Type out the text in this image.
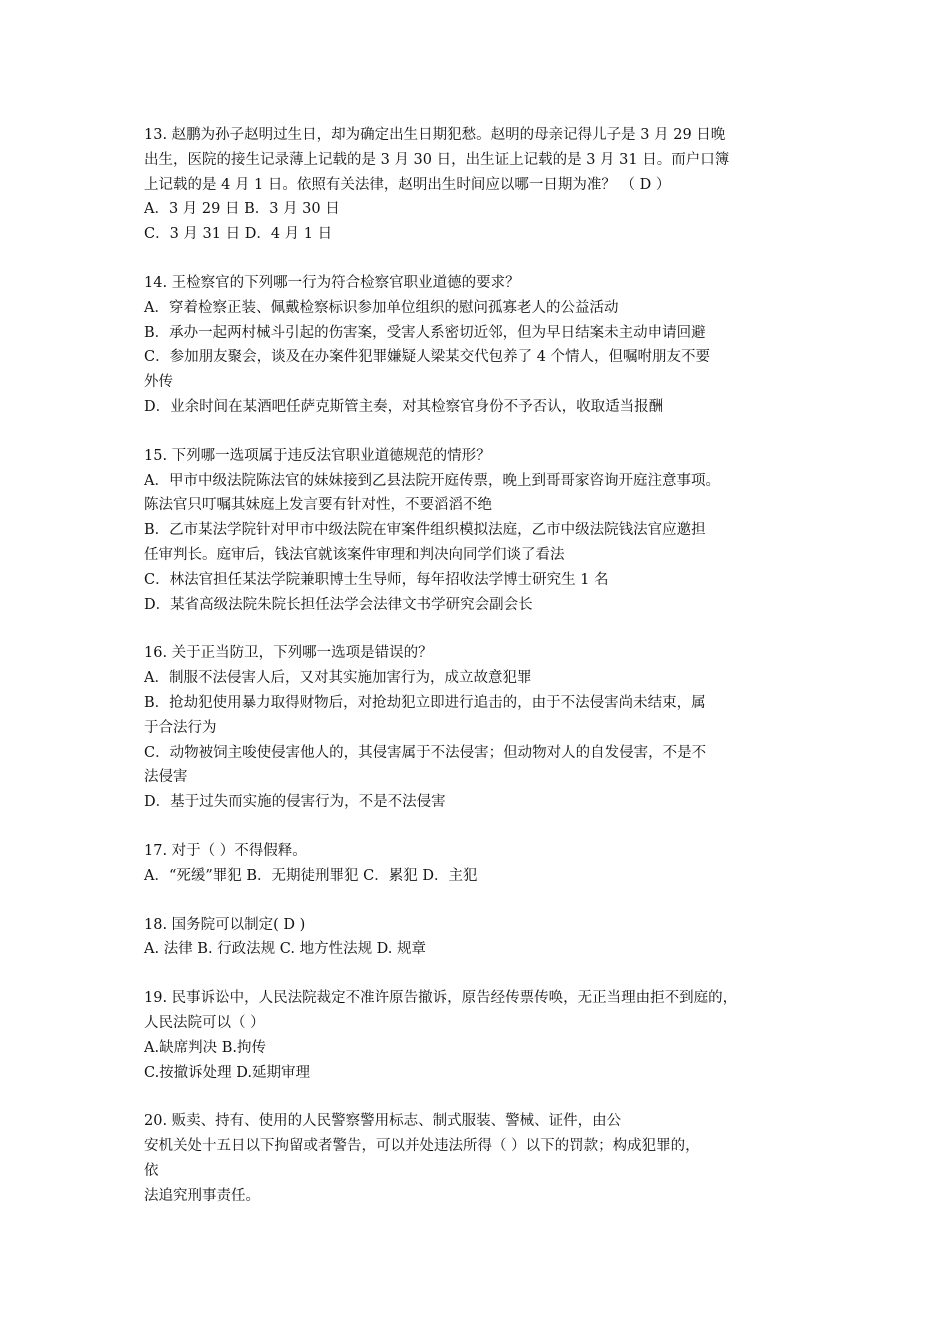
13. 赵鹏为孙子赵明过生日，却为确定出生日期犯愁。赵明的母亲记得儿子是 3 月 29 日晚
出生，医院的接生记录薄上记载的是 3 月 30 日，出生证上记载的是 3 月 31 日。而户口簿
上记载的是 4 月 1 日。依照有关法律，赵明出生时间应以哪一日期为准？ （ D ）
A．3 月 29 日 B．3 月 30 日
C．3 月 31 日 D．4 月 1 日
14. 王检察官的下列哪一行为符合检察官职业道德的要求？
A．穿着检察正装、佩戴检察标识参加单位组织的慰问孤寡老人的公益活动
B．承办一起两村械斗引起的伤害案，受害人系密切近邻，但为早日结案未主动申请回避
C．参加朋友聚会，谈及在办案件犯罪嫌疑人梁某交代包养了 4 个情人，但嘱咐朋友不要
外传
D．业余时间在某酒吧任萨克斯管主奏，对其检察官身份不予否认，收取适当报酬
15. 下列哪一选项属于违反法官职业道德规范的情形？
A．甲市中级法院陈法官的妹妹接到乙县法院开庭传票，晚上到哥哥家咨询开庭注意事项。
陈法官只叮嘱其妹庭上发言要有针对性，不要滔滔不绝
B．乙市某法学院针对甲市中级法院在审案件组织模拟法庭，乙市中级法院钱法官应邀担
任审判长。庭审后，钱法官就该案件审理和判决向同学们谈了看法
C．林法官担任某法学院兼职博士生导师，每年招收法学博士研究生 1 名
D．某省高级法院朱院长担任法学会法律文书学研究会副会长
16. 关于正当防卫，下列哪一选项是错误的？
A．制服不法侵害人后，又对其实施加害行为，成立故意犯罪
B．抢劫犯使用暴力取得财物后，对抢劫犯立即进行追击的，由于不法侵害尚未结束，属
于合法行为
C．动物被饲主唆使侵害他人的，其侵害属于不法侵害；但动物对人的自发侵害，不是不
法侵害
D．基于过失而实施的侵害行为，不是不法侵害
17. 对于（ ）不得假释。
A．“死缓”罪犯 B．无期徒刑罪犯 C．累犯 D．主犯
18. 国务院可以制定( D )
A. 法律 B. 行政法规 C. 地方性法规 D. 规章
19. 民事诉讼中，人民法院裁定不准许原告撤诉，原告经传票传唤，无正当理由拒不到庭的，
人民法院可以（ ）
A.缺席判决 B.拘传
C.按撤诉处理 D.延期审理
20. 贩卖、持有、使用的人民警察警用标志、制式服装、警械、证件，由公
安机关处十五日以下拘留或者警告，可以并处违法所得（ ）以下的罚款；构成犯罪的，
依
法追究刑事责任。
